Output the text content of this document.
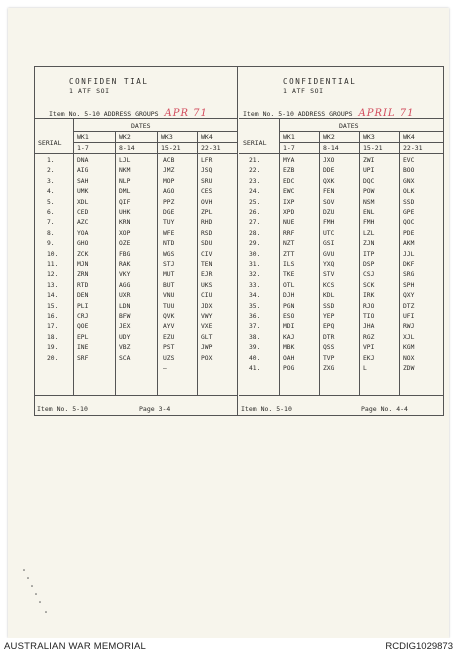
CONFIDEN TIAL
1 ATF SOI
Item No. 5-10 ADDRESS GROUPS APR 71
DATES
SERIAL
WK1	WK2	WK3	WK4
1-7	8-14	15-21	22-31
1.	DNA	LJL	ACB	LFR
2.	AIG	NKM	JMZ	JSQ
3.	SAH	NLP	MOP	SRU
4.	UMK	DML	AGO	CES
5.	XDL	QIF	PPZ	OVH
6.	CED	UHK	DGE	ZPL
7.	AZC	KRN	TUY	RHD
8.	YOA	XOP	WFE	RSD
9.	GHO	OZE	NTD	SDU
10.	ZCK	FBG	WGS	CIV
11.	MJN	RAK	STJ	TEN
12.	ZRN	VKY	MUT	EJR
13.	RTD	AGG	BUT	UKS
14.	DEN	UXR	VNU	CIU
15.	PLI	LDN	TUU	JDX
16.	CRJ	BFW	QVK	VWY
17.	QOE	JEX	AYV	VXE
18.	EPL	UDY	EZU	GLT
19.	INE	VBZ	PST	JWP
20.	SRF	SCA	UZS	POX
—
Item No. 5-10	Page 3-4
CONFIDENTIAL
1 ATF SOI
Item No. 5-10 ADDRESS GROUPS APRIL 71
DATES
SERIAL
WK1	WK2	WK3	WK4
1-7	8-14	15-21	22-31
21.	MYA	JXO	ZWI	EVC
22.	EZB	DDE	UPI	BOO
23.	EDC	QXK	DQC	GNX
24.	EWC	FEN	POW	OLK
25.	IXP	SOV	NSM	SSD
26.	XPD	DZU	ENL	GPE
27.	NUE	FMH	FMH	QOC
28.	RRF	UTC	LZL	PDE
29.	NZT	GSI	ZJN	AKM
30.	ZTT	GVU	ITP	JJL
31.	ILS	YXQ	DSP	DKF
32.	TKE	STV	CSJ	SRG
33.	OTL	KCS	SCK	SPH
34.	DJH	KDL	IRK	QXY
35.	PGN	SSD	RJO	DTZ
36.	ESO	YEP	TIO	UFI
37.	MDI	EPQ	JHA	RWJ
38.	KAJ	DTR	RGZ	XJL
39.	MBK	QSS	VPI	KGM
40.	OAH	TVP	EKJ	NOX
41.	POG	ZXG	L	ZDW
Item No. 5-10	Page No. 4-4
AUSTRALIAN WAR MEMORIAL	RCDIG1029873
